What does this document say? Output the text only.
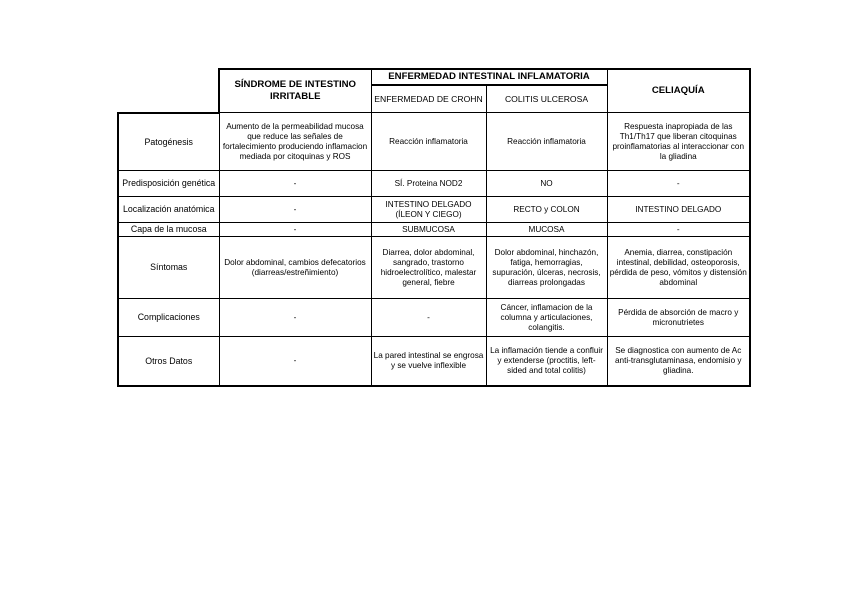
	SÍNDROME DE INTESTINO IRRITABLE	ENFERMEDAD INTESTINAL INFLAMATORIA		CELIAQUÍA
		ENFERMEDAD DE CROHN	COLITIS ULCEROSA	
Patogénesis	Aumento de la permeabilidad mucosa que reduce las señales de fortalecimiento produciendo inflamacion mediada por citoquinas y ROS	Reacción inflamatoria	Reacción inflamatoria	Respuesta inapropiada de las Th1/Th17 que liberan citoquinas proinflamatorias al interaccionar con la gliadina
Predisposición genética	-	SÍ. Proteina NOD2	NO	-
Localización anatómica	-	INTESTINO DELGADO (ÍLEON Y CIEGO)	RECTO y COLON	INTESTINO DELGADO
Capa de la mucosa	-	SUBMUCOSA	MUCOSA	-
Síntomas	Dolor abdominal, cambios defecatorios (diarreas/estreñimiento)	Diarrea, dolor abdominal, sangrado, trastorno hidroelectrolítico, malestar general, fiebre	Dolor abdominal, hinchazón, fatiga, hemorragias, supuración, úlceras, necrosis, diarreas prolongadas	Anemia, diarrea, constipación intestinal, debilidad, osteoporosis, pérdida de peso, vómitos y distensión abdominal
Complicaciones	-	-	Cáncer, inflamacion de la columna y articulaciones, colangitis.	Pérdida de absorción de macro y micronutrietes
Otros Datos	-	La pared intestinal se engrosa y se vuelve inflexible	La inflamación tiende a confluir y extenderse (proctitis, left-sided and total colitis)	Se diagnostica con aumento de Ac anti-transglutaminasa, endomisio y gliadina.
